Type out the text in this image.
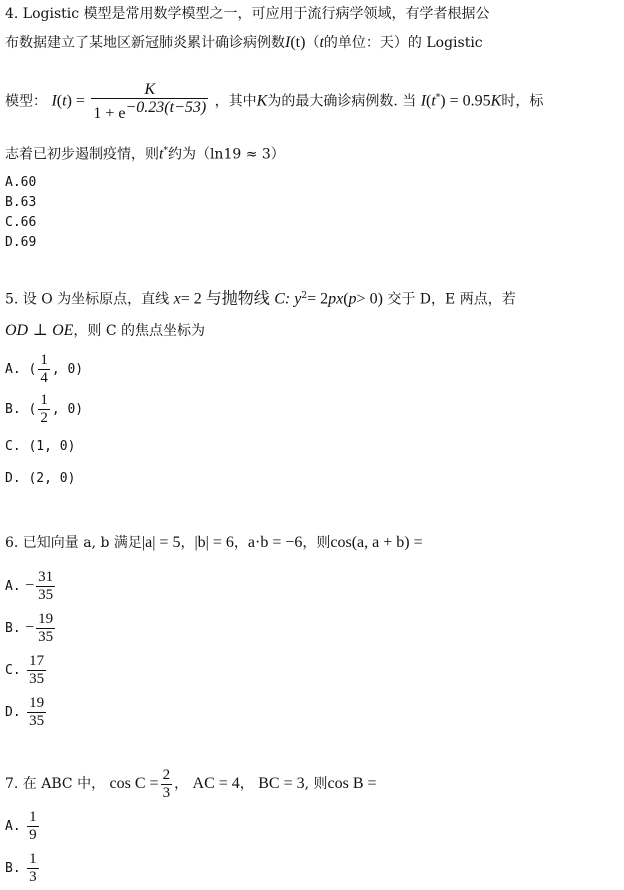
4. Logistic 模型是常用数学模型之一，可应用于流行病学领域，有学者根据公
布数据建立了某地区新冠肺炎累计确诊病例数I(t)（t的单位：天）的 Logistic
模型： $I(t) = \frac{K}{1 + e^{-0.23(t-53)}}$ ，其中K为的最大确诊病例数. 当 I(t*) = 0.95K时，标
志着已初步遏制疫情，则t*约为（ln19 ≈ 3）
A.60
B.63
C.66
D.69
5. 设 O 为坐标原点，直线 x= 2 与抛物线 C: $y^2= 2px(p> 0)$ 交于 D，E 两点，若
OD ⊥ OE，则 C 的焦点坐标为
A. ( $\frac{1}{4}$ , 0)
B. ( $\frac{1}{2}$ , 0)
C. (1, 0)
D. (2, 0)
6. 已知向量 a, b 满足|a| = 5，|b| = 6，a·b = −6，则cos(a, a + b) =
A. − $\frac{31}{35}$
B. − $\frac{19}{35}$
C. $\frac{17}{35}$
D. $\frac{19}{35}$
7. 在 ABC 中， $\cos C = \frac{2}{3}$ ， AC = 4， BC = 3, 则cos B =
A. $\frac{1}{9}$
B. $\frac{1}{3}$
